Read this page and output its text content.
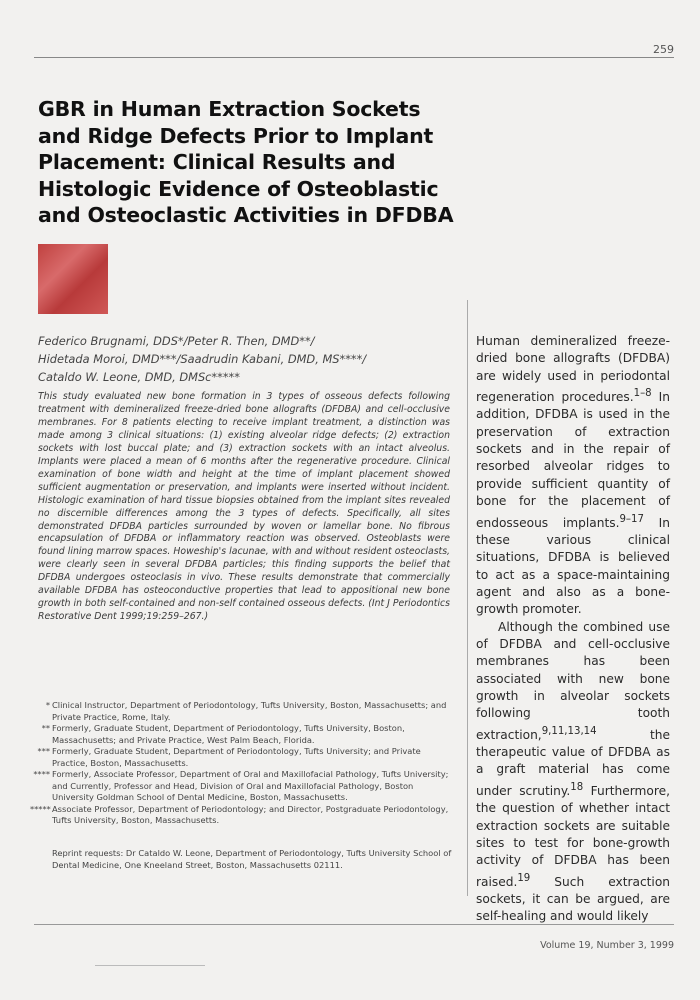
259
GBR in Human Extraction Sockets and Ridge Defects Prior to Implant Placement: Clinical Results and Histologic Evidence of Osteoblastic and Osteoclastic Activities in DFDBA
Federico Brugnami, DDS*/Peter R. Then, DMD**/
Hidetada Moroi, DMD***/Saadrudin Kabani, DMD, MS****/
Cataldo W. Leone, DMD, DMSc*****

This study evaluated new bone formation in 3 types of osseous defects following treatment with demineralized freeze-dried bone allografts (DFDBA) and cell-occlusive membranes. For 8 patients electing to receive implant treatment, a distinction was made among 3 clinical situations: (1) existing alveolar ridge defects; (2) extraction sockets with lost buccal plate; and (3) extraction sockets with an intact alveolus. Implants were placed a mean of 6 months after the regenerative procedure. Clinical examination of bone width and height at the time of implant placement showed sufficient augmentation or preservation, and implants were inserted without incident. Histologic examination of hard tissue biopsies obtained from the implant sites revealed no discernible differences among the 3 types of defects. Specifically, all sites demonstrated DFDBA particles surrounded by woven or lamellar bone. No fibrous encapsulation of DFDBA or inflammatory reaction was observed. Osteoblasts were found lining marrow spaces. Howeship's lacunae, with and without resident osteoclasts, were clearly seen in several DFDBA particles; this finding supports the belief that DFDBA undergoes osteoclasis in vivo. These results demonstrate that commercially available DFDBA has osteoconductive properties that lead to appositional new bone growth in both self-contained and non-self contained osseous defects. (Int J Periodontics Restorative Dent 1999;19:259–267.)

Human demineralized freeze-dried bone allografts (DFDBA) are widely used in periodontal regeneration procedures.$^{1-8}$ In addition, DFDBA is used in the preservation of extraction sockets and in the repair of resorbed alveolar ridges to provide sufficient quantity of bone for the placement of endosseous implants.$^{9-17}$ In these various clinical situations, DFDBA is believed to act as a space-maintaining agent and also as a bone-growth promoter.

Although the combined use of DFDBA and cell-occlusive membranes has been associated with new bone growth in alveolar sockets following tooth extraction,$^{9,11,13,14}$ the therapeutic value of DFDBA as a graft material has come under scrutiny.$^{18}$ Furthermore, the question of whether intact extraction sockets are suitable sites to test for bone-growth activity of DFDBA has been raised.$^{19}$ Such extraction sockets, it can be argued, are self-healing and would likely

* Clinical Instructor, Department of Periodontology, Tufts University, Boston, Massachusetts; and Private Practice, Rome, Italy.

** Formerly, Graduate Student, Department of Periodontology, Tufts University, Boston, Massachusetts; and Private Practice, West Palm Beach, Florida.

*** Formerly, Graduate Student, Department of Periodontology, Tufts University; and Private Practice, Boston, Massachusetts.

**** Formerly, Associate Professor, Department of Oral and Maxillofacial Pathology, Tufts University; and Currently, Professor and Head, Division of Oral and Maxillofacial Pathology, Boston University Goldman School of Dental Medicine, Boston, Massachusetts.

***** Associate Professor, Department of Periodontology; and Director, Postgraduate Periodontology, Tufts University, Boston, Massachusetts.

Reprint requests: Dr Cataldo W. Leone, Department of Periodontology, Tufts University School of Dental Medicine, One Kneeland Street, Boston, Massachusetts 02111.

Volume 19, Number 3, 1999
